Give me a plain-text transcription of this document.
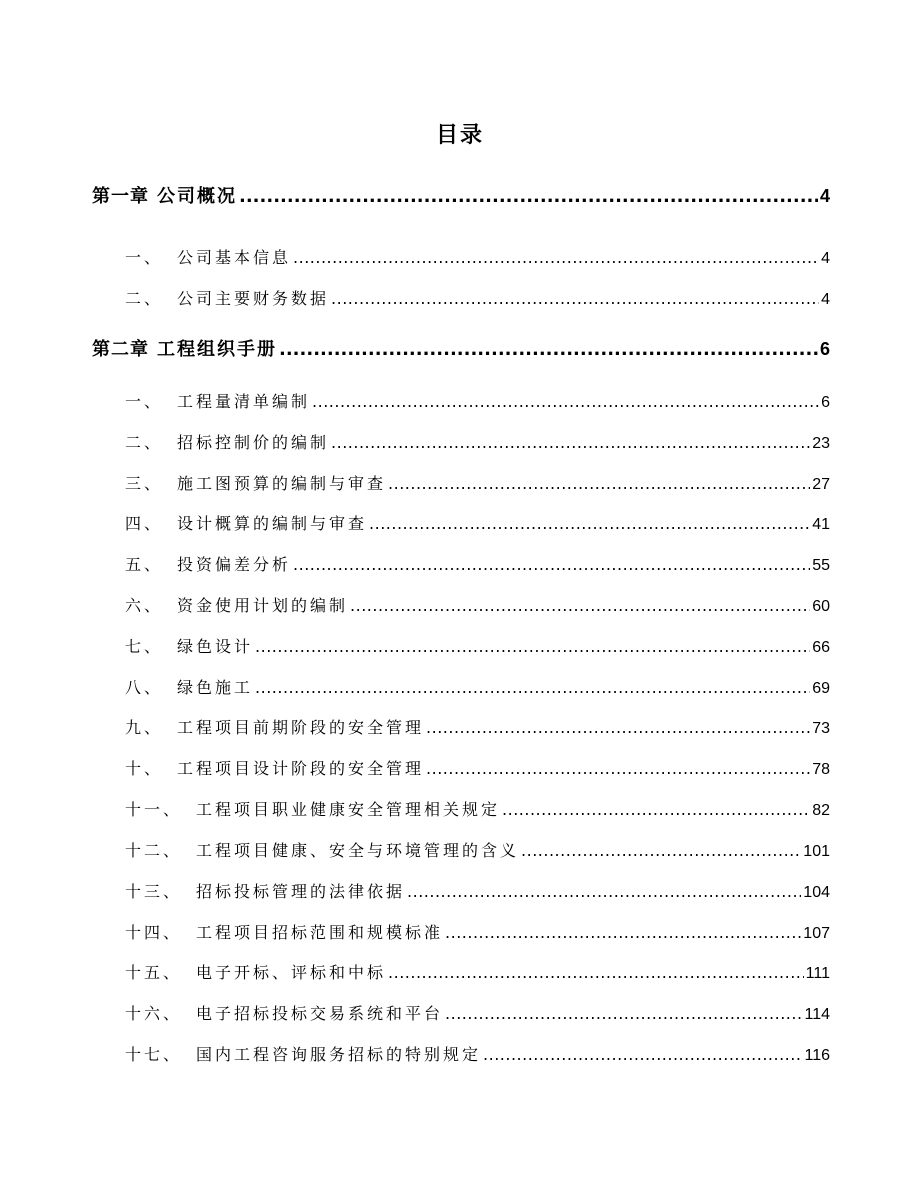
目录
第一章 公司概况 .....	4
一、 公司基本信息 .....	4
二、 公司主要财务数据 .....	4
第二章 工程组织手册 .....	6
一、 工程量清单编制 .....	6
二、 招标控制价的编制 .....	23
三、 施工图预算的编制与审查 .....	27
四、 设计概算的编制与审查 .....	41
五、 投资偏差分析 .....	55
六、 资金使用计划的编制 .....	60
七、 绿色设计 .....	66
八、 绿色施工 .....	69
九、 工程项目前期阶段的安全管理 .....	73
十、 工程项目设计阶段的安全管理 .....	78
十一、 工程项目职业健康安全管理相关规定 .....	82
十二、 工程项目健康、安全与环境管理的含义 .....	101
十三、 招标投标管理的法律依据 .....	104
十四、 工程项目招标范围和规模标准 .....	107
十五、 电子开标、评标和中标 .....	111
十六、 电子招标投标交易系统和平台 .....	114
十七、 国内工程咨询服务招标的特别规定 .....	116
